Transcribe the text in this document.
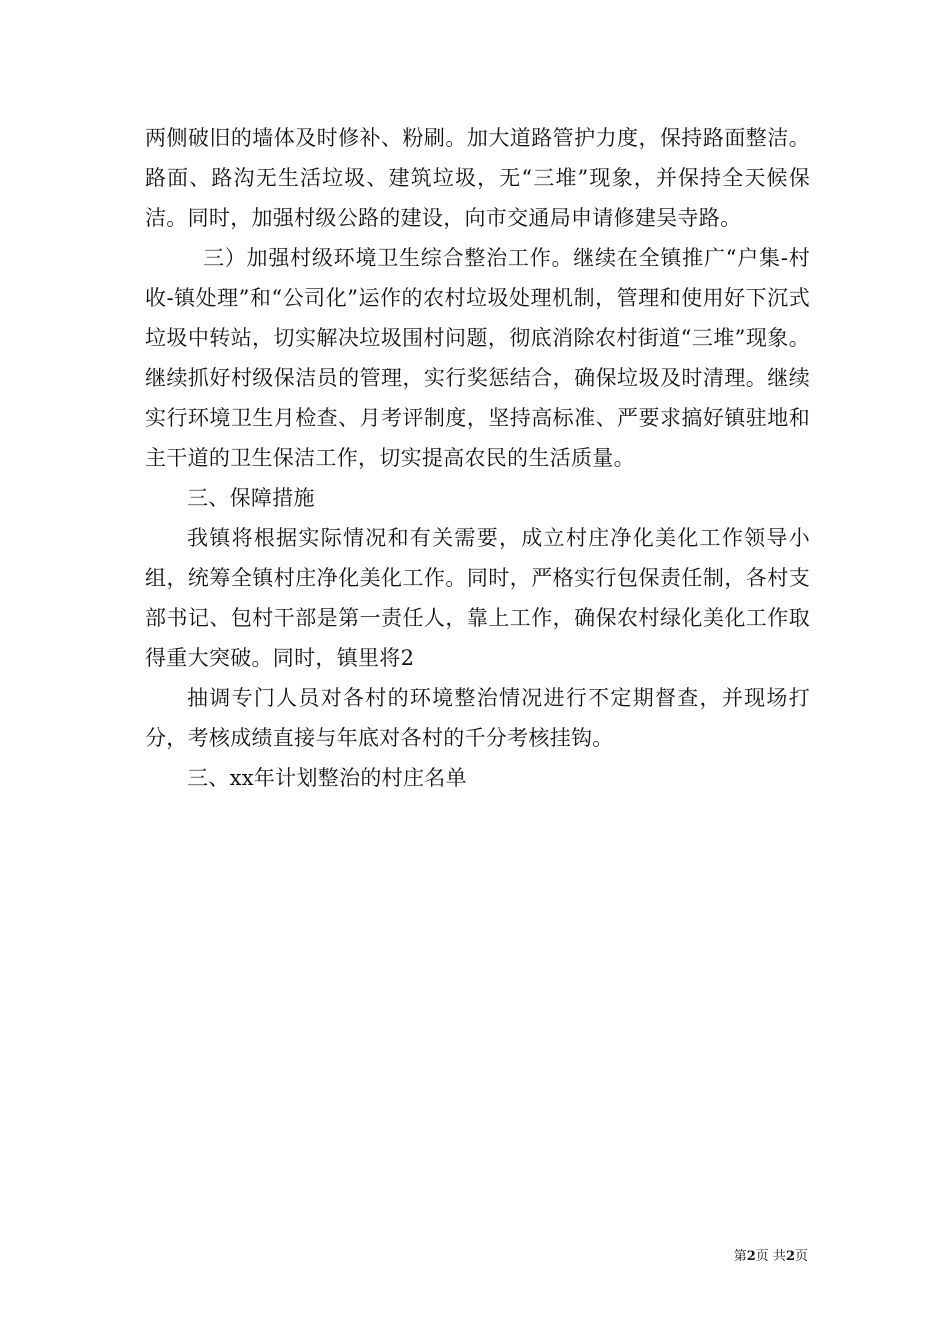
两侧破旧的墙体及时修补、粉刷。加大道路管护力度，保持路面整洁。路面、路沟无生活垃圾、建筑垃圾，无“三堆”现象，并保持全天候保洁。同时，加强村级公路的建设，向市交通局申请修建吴寺路。

三）加强村级环境卫生综合整治工作。继续在全镇推广“户集-村收-镇处理”和“公司化”运作的农村垃圾处理机制，管理和使用好下沉式垃圾中转站，切实解决垃圾围村问题，彻底消除农村街道“三堆”现象。继续抓好村级保洁员的管理，实行奖惩结合，确保垃圾及时清理。继续实行环境卫生月检查、月考评制度，坚持高标准、严要求搞好镇驻地和主干道的卫生保洁工作，切实提高农民的生活质量。

三、保障措施

我镇将根据实际情况和有关需要，成立村庄净化美化工作领导小组，统筹全镇村庄净化美化工作。同时，严格实行包保责任制，各村支部书记、包村干部是第一责任人，靠上工作，确保农村绿化美化工作取得重大突破。同时，镇里将2

抽调专门人员对各村的环境整治情况进行不定期督查，并现场打分，考核成绩直接与年底对各村的千分考核挂钩。

三、xx年计划整治的村庄名单

第2页 共2页
